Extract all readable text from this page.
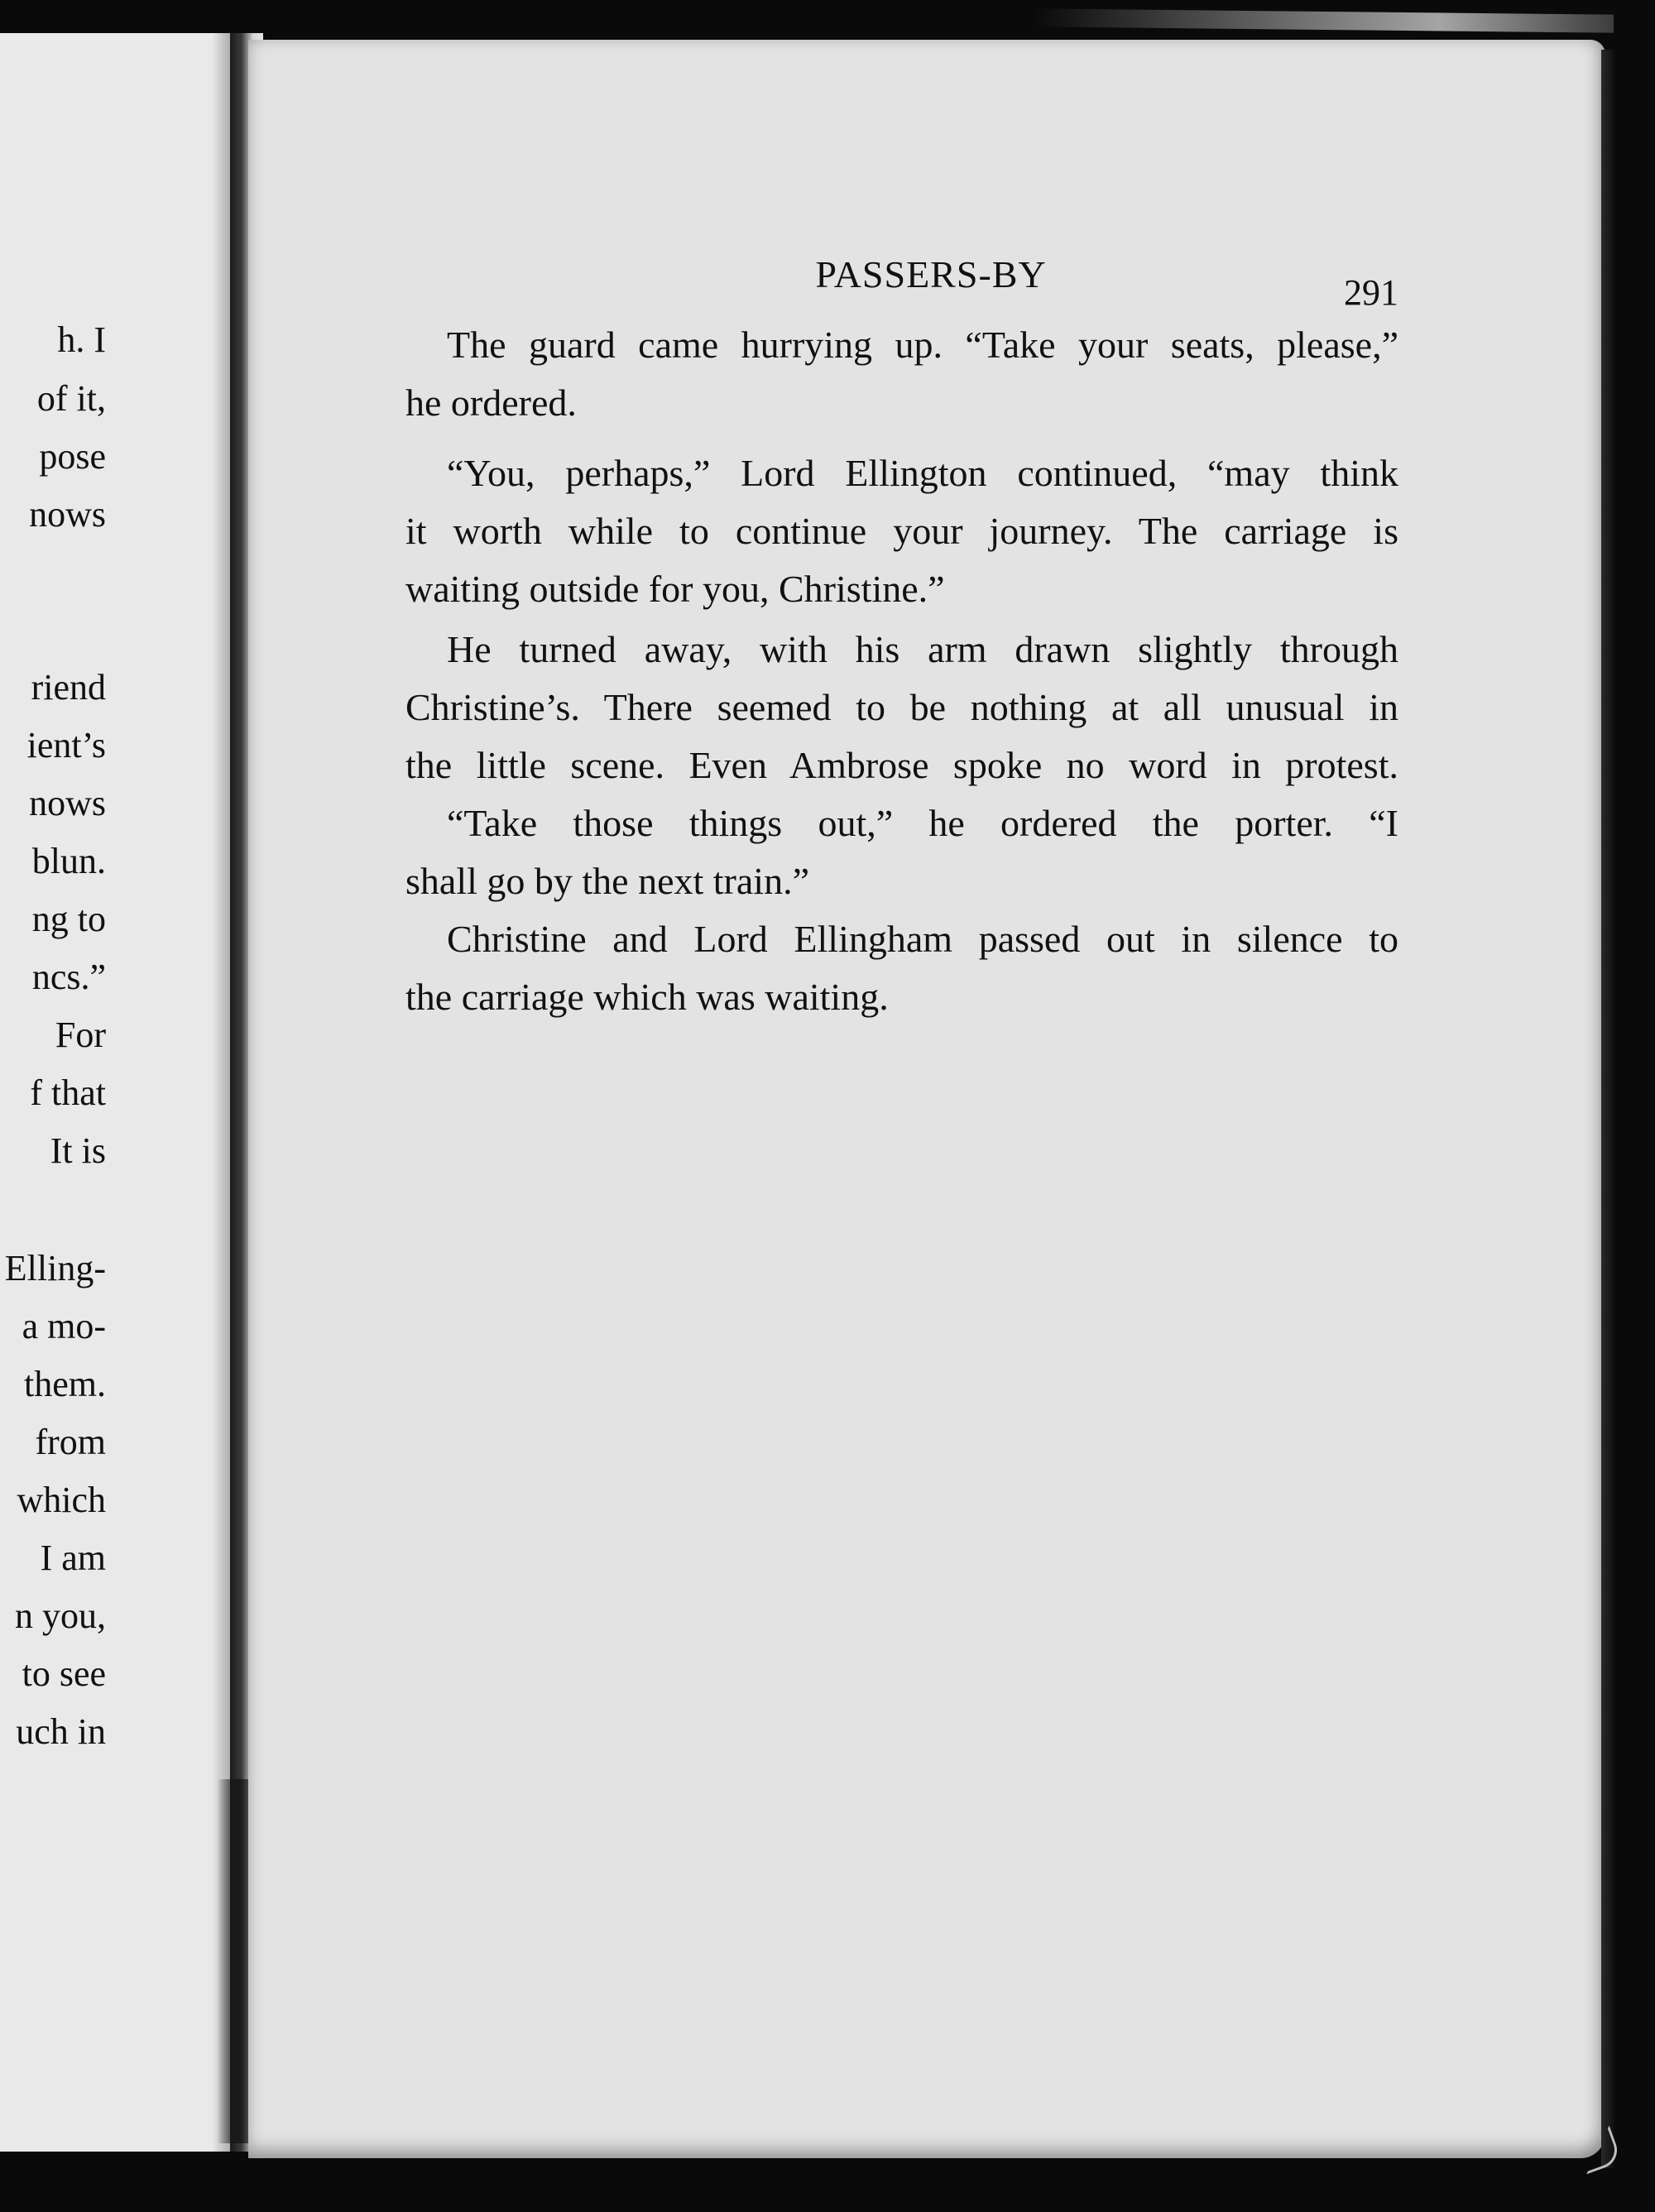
h. I
of it,
pose
nows
riend
ient’s
nows
blun.
ng to
ncs.”
For
f that
It is
Elling-
a mo-
them.
from
which
I am
n you,
to see
uch in
PASSERS-BY	291
The guard came hurrying up. “Take your seats, please,”
he ordered.
“You, perhaps,” Lord Ellington continued, “may think
it worth while to continue your journey. The carriage is
waiting outside for you, Christine.”
He turned away, with his arm drawn slightly through
Christine’s. There seemed to be nothing at all unusual in
the little scene. Even Ambrose spoke no word in protest.
“Take those things out,” he ordered the porter. “I
shall go by the next train.”
Christine and Lord Ellingham passed out in silence to
the carriage which was waiting.
